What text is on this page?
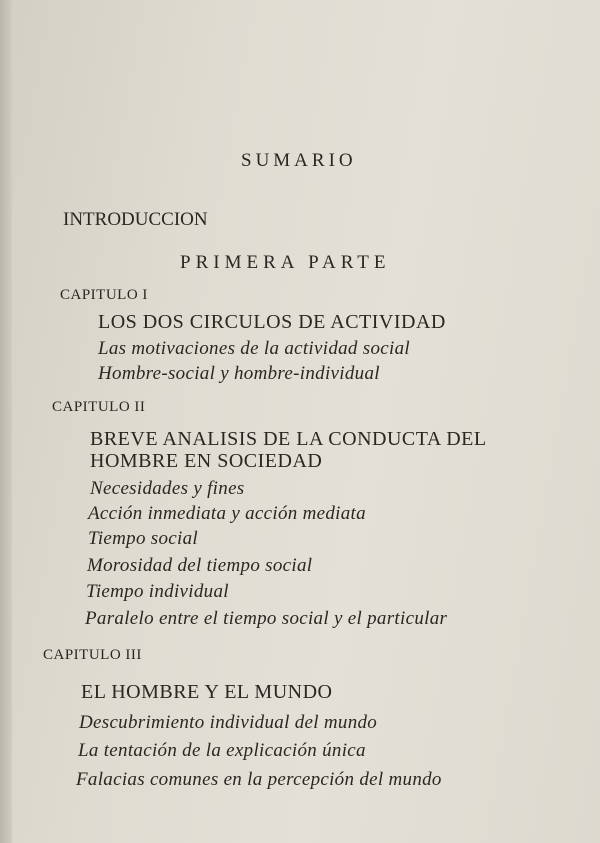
SUMARIO
INTRODUCCION
PRIMERA PARTE
CAPITULO I
LOS DOS CIRCULOS DE ACTIVIDAD
Las motivaciones de la actividad social
Hombre-social y hombre-individual
CAPITULO II
BREVE ANALISIS DE LA CONDUCTA DEL
HOMBRE EN SOCIEDAD
Necesidades y fines
Acción inmediata y acción mediata
Tiempo social
Morosidad del tiempo social
Tiempo individual
Paralelo entre el tiempo social y el particular
CAPITULO III
EL HOMBRE Y EL MUNDO
Descubrimiento individual del mundo
La tentación de la explicación única
Falacias comunes en la percepción del mundo
